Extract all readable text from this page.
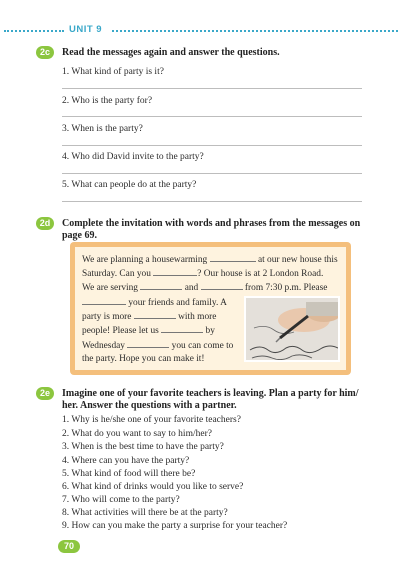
UNIT 9
2c	Read the messages again and answer the questions.
1. What kind of party is it?
2. Who is the party for?
3. When is the party?
4. Who did David invite to the party?
5. What can people do at the party?
2d	Complete the invitation with words and phrases from the messages on
page 69.
We are planning a housewarming	at our new house this
Saturday. Can you	? Our house is at 2 London Road.
We are serving	and	from 7:30 p.m. Please
your friends and family. A
party is more	with more
people! Please let us	by
Wednesday	you can come to
the party. Hope you can make it!
2e	Imagine one of your favorite teachers is leaving. Plan a party for him/
her. Answer the questions with a partner.
1. Why is he/she one of your favorite teachers?
2. What do you want to say to him/her?
3. When is the best time to have the party?
4. Where can you have the party?
5. What kind of food will there be?
6. What kind of drinks would you like to serve?
7. Who will come to the party?
8. What activities will there be at the party?
9. How can you make the party a surprise for your teacher?
70
